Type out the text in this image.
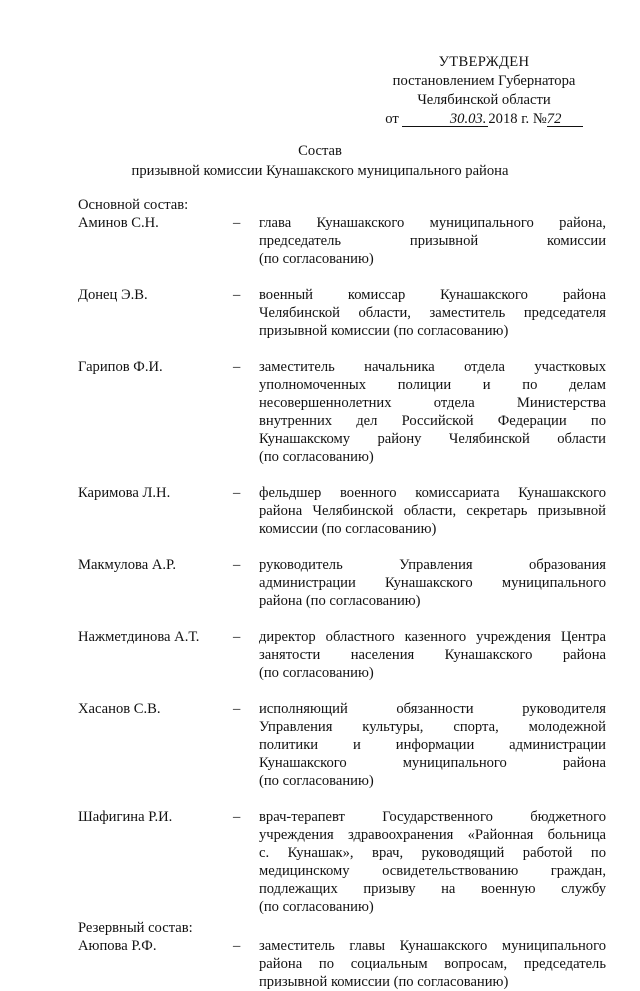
УТВЕРЖДЕН
постановлением Губернатора
Челябинской области
от	30.03. 2018 г. №72
Состав
призывной комиссии Кунашакского муниципального района
Основной состав:
Аминов С.Н.	–	глава Кунашакского муниципального района,
председатель призывной комиссии
(по согласованию)
Донец Э.В.	–	военный комиссар Кунашакского района
Челябинской области, заместитель председателя
призывной комиссии (по согласованию)
Гарипов Ф.И.	–	заместитель начальника отдела участковых
уполномоченных полиции и по делам
несовершеннолетних отдела Министерства
внутренних дел Российской Федерации по
Кунашакскому району Челябинской области
(по согласованию)
Каримова Л.Н.	–	фельдшер военного комиссариата Кунашакского
района Челябинской области, секретарь призывной
комиссии (по согласованию)
Макмулова А.Р.	–	руководитель Управления образования
администрации Кунашакского муниципального
района (по согласованию)
Нажметдинова А.Т.	–	директор областного казенного учреждения Центра
занятости населения Кунашакского района
(по согласованию)
Хасанов С.В.	–	исполняющий обязанности руководителя
Управления культуры, спорта, молодежной
политики и информации администрации
Кунашакского муниципального района
(по согласованию)
Шафигина Р.И.	–	врач-терапевт Государственного бюджетного
учреждения здравоохранения «Районная больница
с. Кунашак», врач, руководящий работой по
медицинскому освидетельствованию граждан,
подлежащих призыву на военную службу
(по согласованию)
Резервный состав:
Аюпова Р.Ф.	–	заместитель главы Кунашакского муниципального
района по социальным вопросам, председатель
призывной комиссии (по согласованию)
